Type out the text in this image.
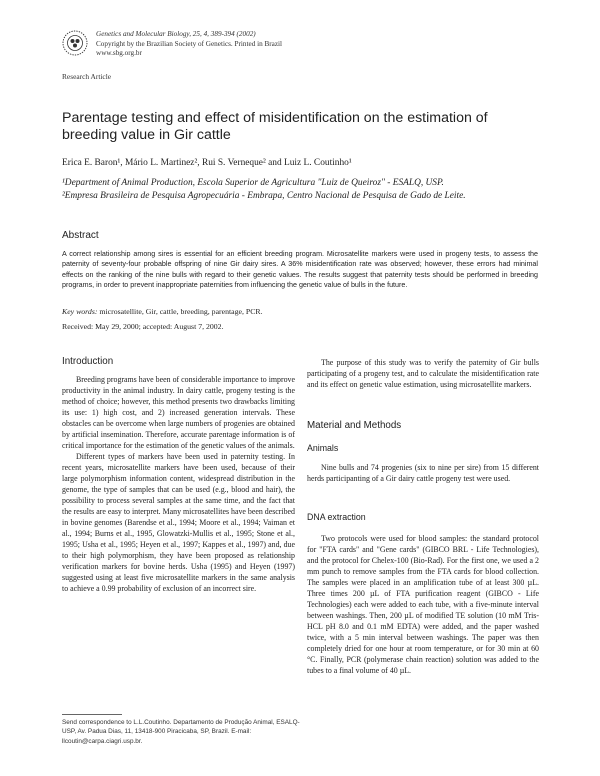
Genetics and Molecular Biology, 25, 4, 389-394 (2002)
Copyright by the Brazilian Society of Genetics. Printed in Brazil
www.sbg.org.br
Research Article
Parentage testing and effect of misidentification on the estimation of breeding value in Gir cattle
Erica E. Baron¹, Mário L. Martinez², Rui S. Verneque² and Luiz L. Coutinho¹
¹Department of Animal Production, Escola Superior de Agricultura "Luiz de Queiroz" - ESALQ, USP.
²Empresa Brasileira de Pesquisa Agropecuária - Embrapa, Centro Nacional de Pesquisa de Gado de Leite.
Abstract
A correct relationship among sires is essential for an efficient breeding program. Microsatellite markers were used in progeny tests, to assess the paternity of seventy-four probable offspring of nine Gir dairy sires. A 36% misidentification rate was observed; however, these errors had minimal effects on the ranking of the nine bulls with regard to their genetic values. The results suggest that paternity tests should be performed in breeding programs, in order to prevent inappropriate paternities from influencing the genetic value of bulls in the future.
Key words: microsatellite, Gir, cattle, breeding, parentage, PCR.
Received: May 29, 2000; accepted: August 7, 2002.
Introduction

Breeding programs have been of considerable importance to improve productivity in the animal industry. In dairy cattle, progeny testing is the method of choice; however, this method presents two drawbacks limiting its use: 1) high cost, and 2) increased generation intervals. These obstacles can be overcome when large numbers of progenies are obtained by artificial insemination. Therefore, accurate parentage information is of critical importance for the estimation of the genetic values of the animals.

Different types of markers have been used in paternity testing. In recent years, microsatellite markers have been used, because of their large polymorphism information content, widespread distribution in the genome, the type of samples that can be used (e.g., blood and hair), the possibility to process several samples at the same time, and the fact that the results are easy to interpret. Many microsatellites have been described in bovine genomes (Barendse et al., 1994; Moore et al., 1994; Vaiman et al., 1994; Burns et al., 1995, Glowatzki-Mullis et al., 1995; Stone et al., 1995; Usha et al., 1995; Heyen et al., 1997; Kappes et al., 1997) and, due to their high polymorphism, they have been proposed as relationship verification markers for bovine herds. Usha (1995) and Heyen (1997) suggested using at least five microsatellite markers in the same analysis to achieve a 0.99 probability of exclusion of an incorrect sire.

The purpose of this study was to verify the paternity of Gir bulls participating of a progeny test, and to calculate the misidentification rate and its effect on genetic value estimation, using microsatellite markers.

Material and Methods
Animals

Nine bulls and 74 progenies (six to nine per sire) from 15 different herds participanting of a Gir dairy cattle progeny test were used.

DNA extraction

Two protocols were used for blood samples: the standard protocol for "FTA cards" and "Gene cards" (GIBCO BRL - Life Technologies), and the protocol for Chelex-100 (Bio-Rad). For the first one, we used a 2 mm punch to remove samples from the FTA cards for blood collection. The samples were placed in an amplification tube of at least 300 µL. Three times 200 µL of FTA purification reagent (GIBCO - Life Technologies) each were added to each tube, with a five-minute interval between washings. Then, 200 µL of modified TE solution (10 mM Tris-HCL pH 8.0 and 0.1 mM EDTA) were added, and the paper washed twice, with a 5 min interval between washings. The paper was then completely dried for one hour at room temperature, or for 30 min at 60 °C. Finally, PCR (polymerase chain reaction) solution was added to the tubes to a final volume of 40 µL.

Send correspondence to L.L.Coutinho. Departamento de Produção Animal, ESALQ-USP, Av. Padua Dias, 11, 13418-900 Piracicaba, SP, Brazil. E-mail: llcoutin@carpa.ciagri.usp.br.
